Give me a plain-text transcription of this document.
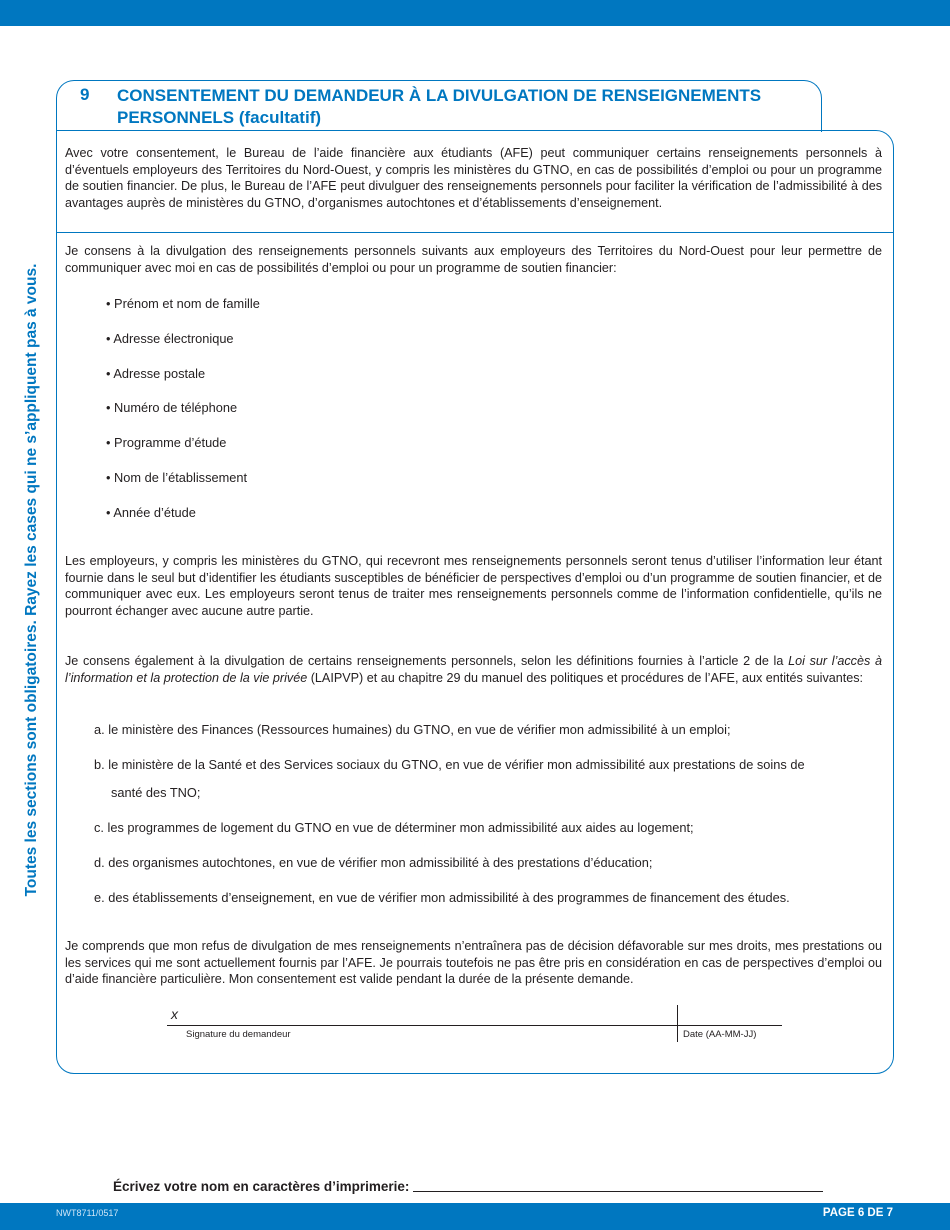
Toutes les sections sont obligatoires. Rayez les cases qui ne s’appliquent pas à vous.
9 CONSENTEMENT DU DEMANDEUR À LA DIVULGATION DE RENSEIGNEMENTS PERSONNELS (facultatif)
Avec votre consentement, le Bureau de l’aide financière aux étudiants (AFE) peut communiquer certains renseignements personnels à d’éventuels employeurs des Territoires du Nord-Ouest, y compris les ministères du GTNO, en cas de possibilités d’emploi ou pour un programme de soutien financier. De plus, le Bureau de l’AFE peut divulguer des renseignements personnels pour faciliter la vérification de l’admissibilité à des avantages auprès de ministères du GTNO, d’organismes autochtones et d’établissements d’enseignement.
Je consens à la divulgation des renseignements personnels suivants aux employeurs des Territoires du Nord-Ouest pour leur permettre de communiquer avec moi en cas de possibilités d’emploi ou pour un programme de soutien financier:
• Prénom et nom de famille
• Adresse électronique
• Adresse postale
• Numéro de téléphone
• Programme d’étude
• Nom de l’établissement
• Année d’étude
Les employeurs, y compris les ministères du GTNO, qui recevront mes renseignements personnels seront tenus d’utiliser l’information leur étant fournie dans le seul but d’identifier les étudiants susceptibles de bénéficier de perspectives d’emploi ou d’un programme de soutien financier, et de communiquer avec eux. Les employeurs seront tenus de traiter mes renseignements personnels comme de l’information confidentielle, qu’ils ne pourront échanger avec aucune autre partie.
Je consens également à la divulgation de certains renseignements personnels, selon les définitions fournies à l’article 2 de la Loi sur l’accès à l’information et la protection de la vie privée (LAIPVP) et au chapitre 29 du manuel des politiques et procédures de l’AFE, aux entités suivantes:
a. le ministère des Finances (Ressources humaines) du GTNO, en vue de vérifier mon admissibilité à un emploi;
b. le ministère de la Santé et des Services sociaux du GTNO, en vue de vérifier mon admissibilité aux prestations de soins de
santé des TNO;
c. les programmes de logement du GTNO en vue de déterminer mon admissibilité aux aides au logement;
d. des organismes autochtones, en vue de vérifier mon admissibilité à des prestations d’éducation;
e. des établissements d’enseignement, en vue de vérifier mon admissibilité à des programmes de financement des études.
Je comprends que mon refus de divulgation de mes renseignements n’entraînera pas de décision défavorable sur mes droits, mes prestations ou les services qui me sont actuellement fournis par l’AFE. Je pourrais toutefois ne pas être pris en considération en cas de perspectives d’emploi ou d’aide financière particulière. Mon consentement est valide pendant la durée de la présente demande.
x
Signature du demandeur	Date (AA-MM-JJ)
Écrivez votre nom en caractères d’imprimerie:
NWT8711/0517	PAGE 6 DE 7
